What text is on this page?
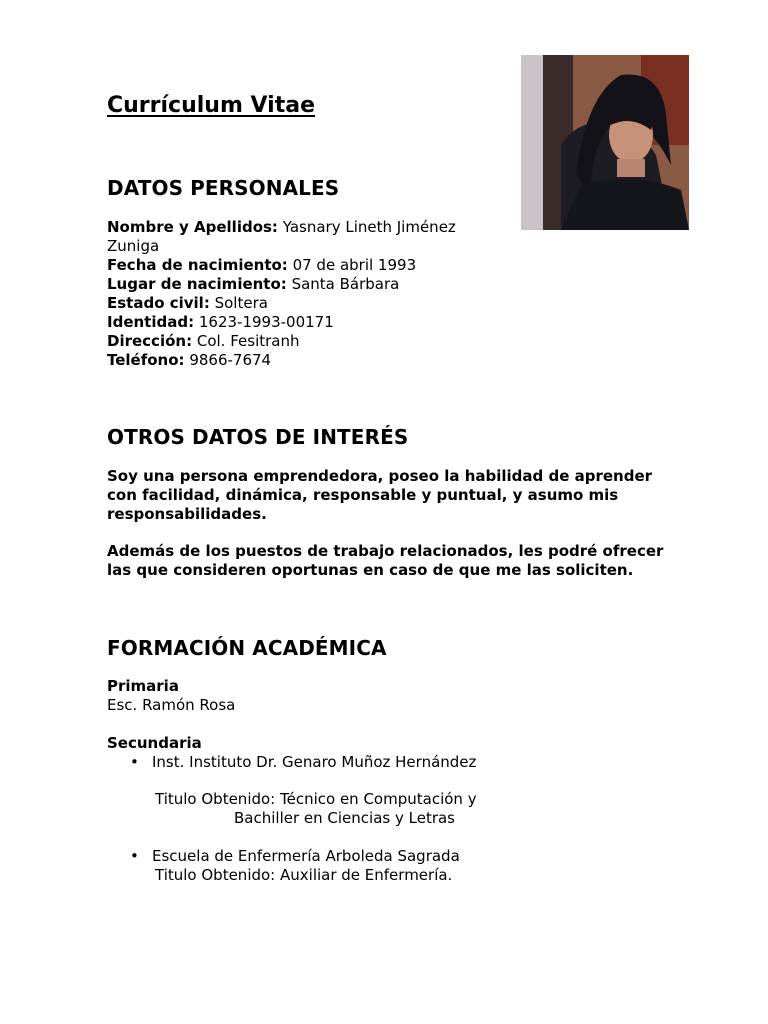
Currículum Vitae
DATOS PERSONALES
Nombre y Apellidos: Yasnary Lineth Jiménez
Zuniga
Fecha de nacimiento: 07 de abril 1993
Lugar de nacimiento: Santa Bárbara
Estado civil: Soltera
Identidad: 1623-1993-00171
Dirección: Col. Fesitranh
Teléfono: 9866-7674
OTROS DATOS DE INTERÉS
Soy una persona emprendedora, poseo la habilidad de aprender
con facilidad, dinámica, responsable y puntual, y asumo mis
responsabilidades.
Además de los puestos de trabajo relacionados, les podré ofrecer
las que consideren oportunas en caso de que me las soliciten.
FORMACIÓN ACADÉMICA
Primaria
Esc. Ramón Rosa
Secundaria
• Inst. Instituto Dr. Genaro Muñoz Hernández
Titulo Obtenido: Técnico en Computación y
Bachiller en Ciencias y Letras
• Escuela de Enfermería Arboleda Sagrada
Titulo Obtenido: Auxiliar de Enfermería.
